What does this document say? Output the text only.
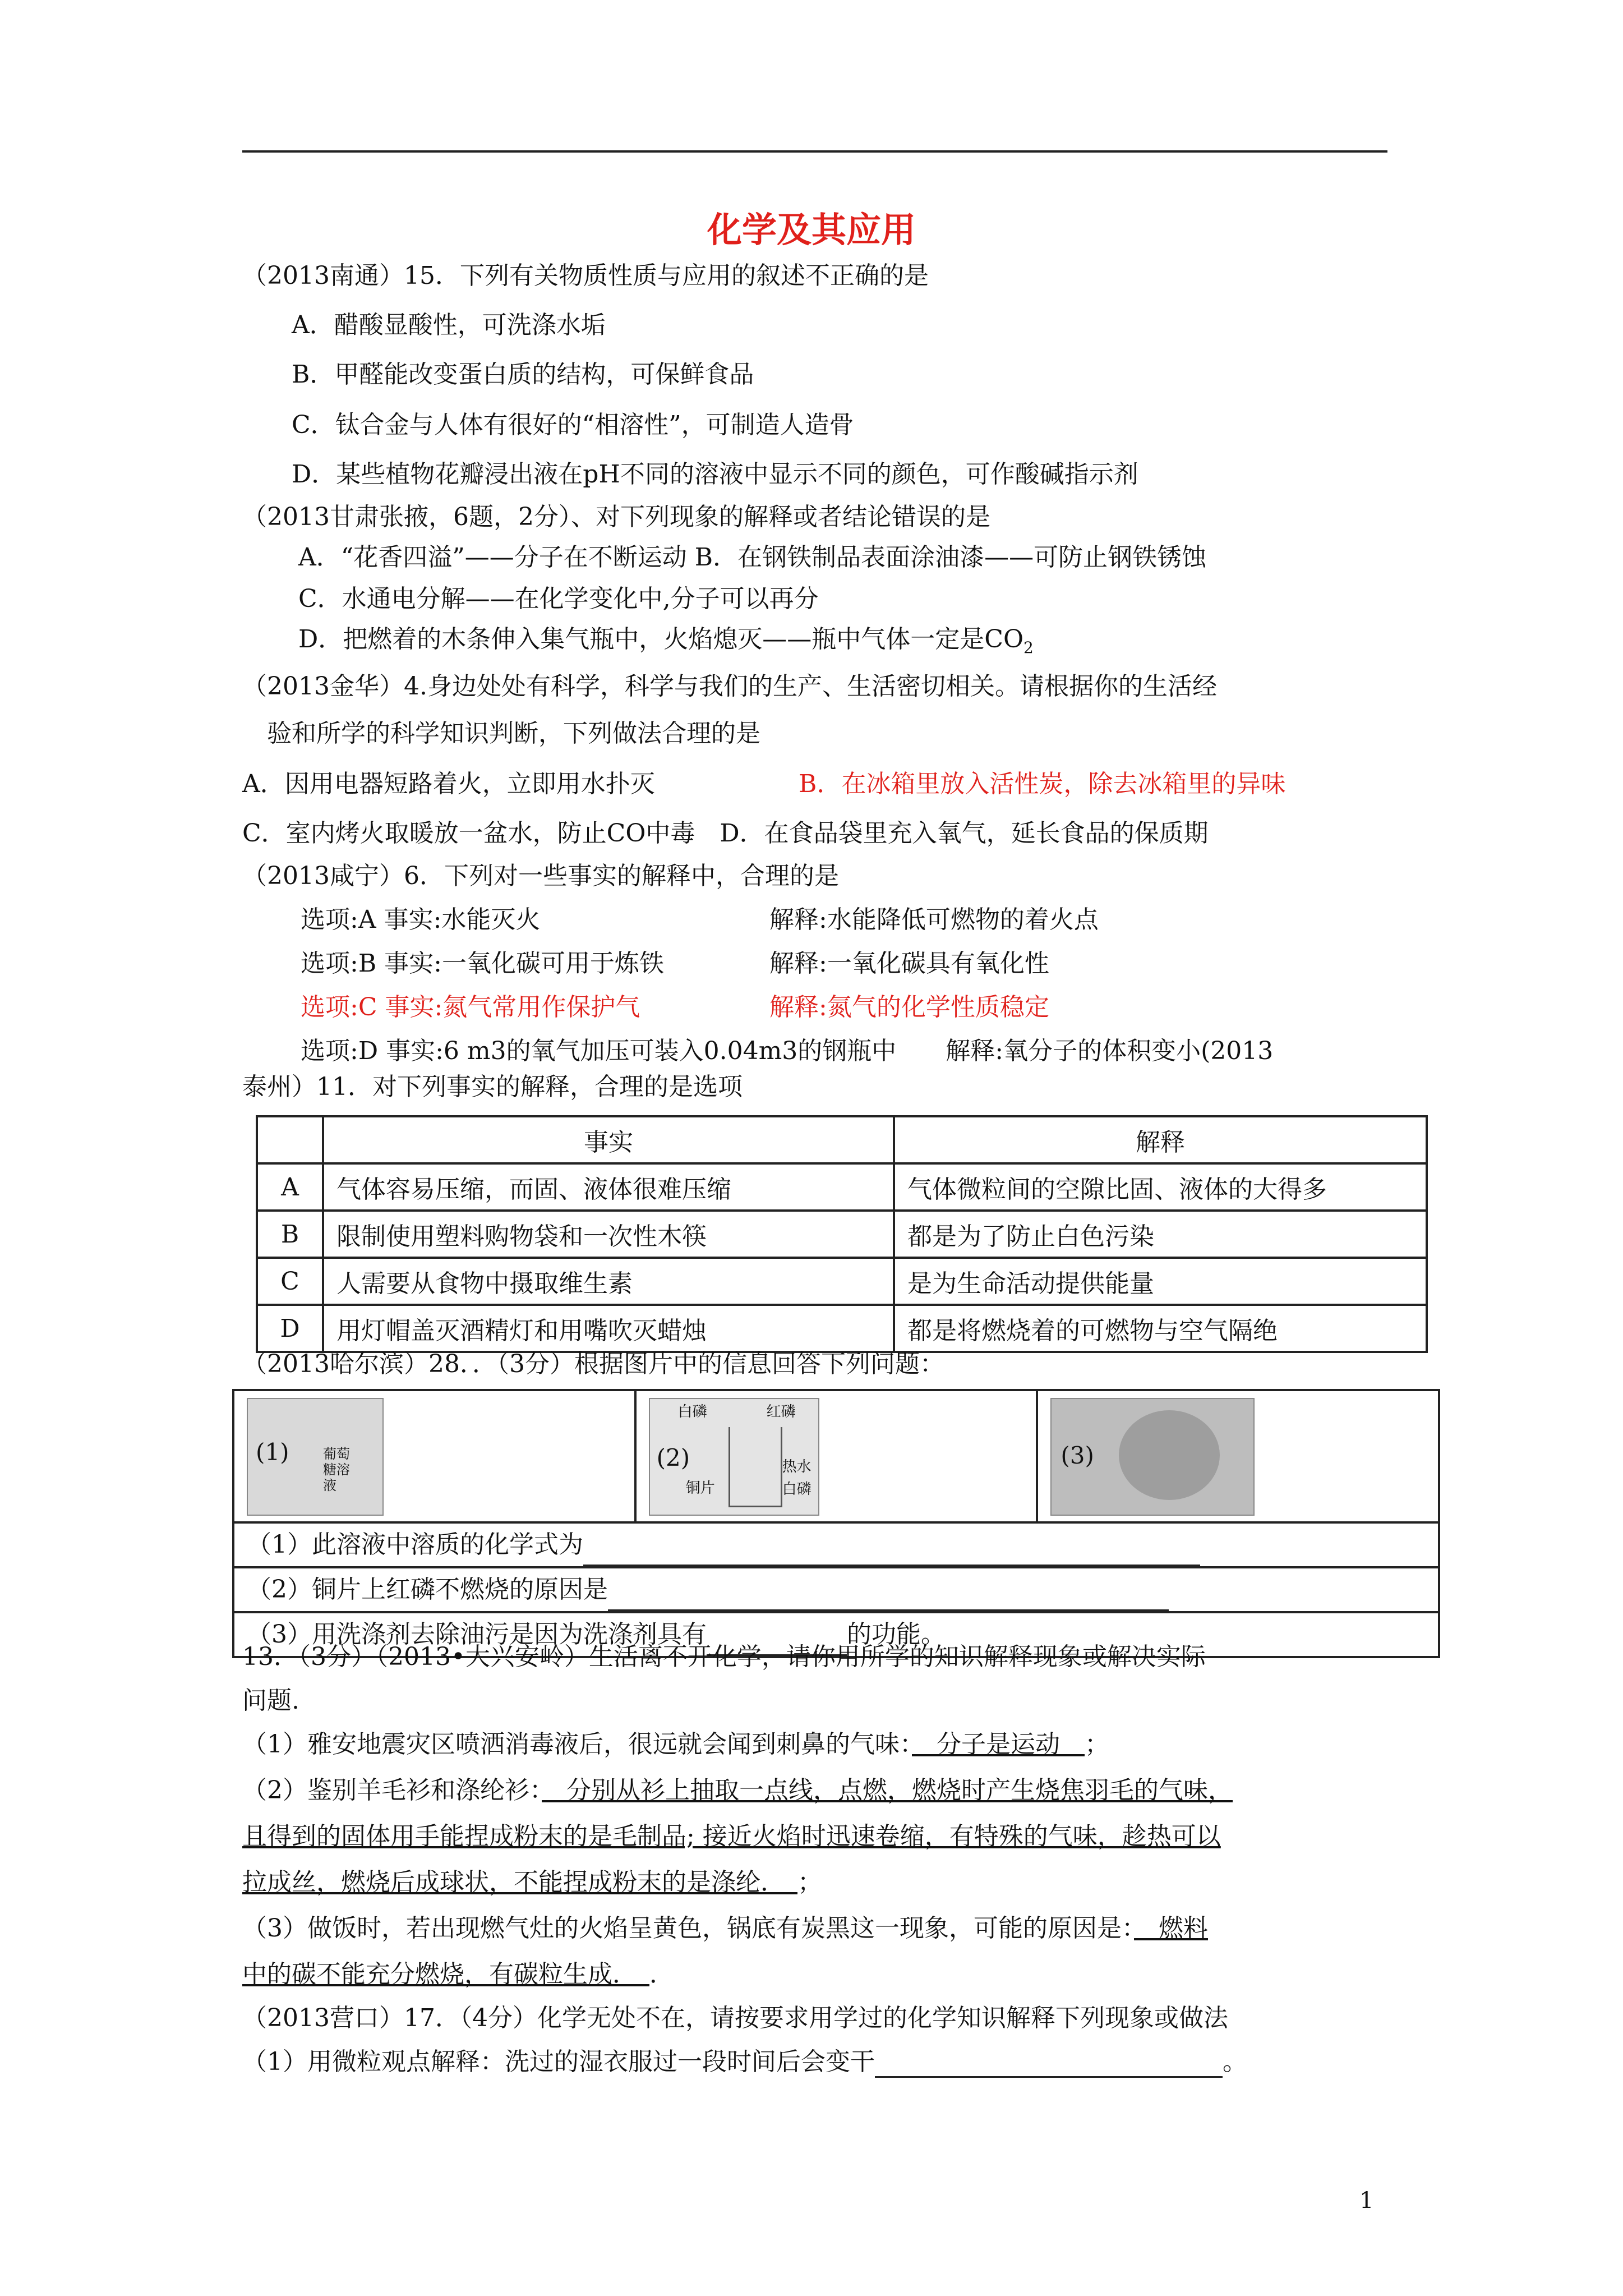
化学及其应用
（2013南通）15．下列有关物质性质与应用的叙述不正确的是
A．醋酸显酸性，可洗涤水垢
B．甲醛能改变蛋白质的结构，可保鲜食品
C．钛合金与人体有很好的“相溶性”，可制造人造骨
D．某些植物花瓣浸出液在pH不同的溶液中显示不同的颜色，可作酸碱指示剂
（2013甘肃张掖，6题，2分）、对下列现象的解释或者结论错误的是
A．“花香四溢”——分子在不断运动 B．在钢铁制品表面涂油漆——可防止钢铁锈蚀
C．水通电分解——在化学变化中,分子可以再分
D．把燃着的木条伸入集气瓶中，火焰熄灭——瓶中气体一定是$CO_2$
（2013金华）4.身边处处有科学，科学与我们的生产、生活密切相关。请根据你的生活经
验和所学的科学知识判断，下列做法合理的是
A．因用电器短路着火，立即用水扑灭	B．在冰箱里放入活性炭，除去冰箱里的异味
C．室内烤火取暖放一盆水，防止CO中毒　D．在食品袋里充入氧气，延长食品的保质期
（2013咸宁）6．下列对一些事实的解释中，合理的是
选项:A 事实:水能灭火	解释:水能降低可燃物的着火点
选项:B 事实:一氧化碳可用于炼铁	解释:一氧化碳具有氧化性
选项:C 事实:氮气常用作保护气	解释:氮气的化学性质稳定
选项:D 事实:6 m3的氧气加压可装入0.04m3的钢瓶中　　解释:氧分子的体积变小(2013
泰州）11．对下列事实的解释，合理的是选项
	事实	解释
A	气体容易压缩，而固、液体很难压缩	气体微粒间的空隙比固、液体的大得多
B	限制使用塑料购物袋和一次性木筷	都是为了防止白色污染
C	人需要从食物中摄取维生素	是为生命活动提供能量
D	用灯帽盖灭酒精灯和用嘴吹灭蜡烛	都是将燃烧着的可燃物与空气隔绝
（2013哈尔滨）28．．（3分）根据图片中的信息回答下列问题：
(1)	葡萄糖溶液
(2)
白磷	红磷
铜片
热水
白磷
(3)
（1）此溶液中溶质的化学式为
（2）铜片上红磷不燃烧的原因是
（3）用洗涤剂去除油污是因为洗涤剂具有	的功能。
13．（3分）（2013•大兴安岭）生活离不开化学，请你用所学的知识解释现象或解决实际
问题.
（1）雅安地震灾区喷洒消毒液后，很远就会闻到刺鼻的气味：　分子是运动　；
（2）鉴别羊毛衫和涤纶衫：　分别从衫上抽取一点线，点燃，燃烧时产生烧焦羽毛的气味，
且得到的固体用手能捏成粉末的是毛制品; 接近火焰时迅速卷缩，有特殊的气味，趁热可以
拉成丝，燃烧后成球状，不能捏成粉末的是涤纶．　；
（3）做饭时，若出现燃气灶的火焰呈黄色，锅底有炭黑这一现象，可能的原因是：　燃料
中的碳不能充分燃烧，有碳粒生成．　．
（2013营口）17．（4分）化学无处不在，请按要求用学过的化学知识解释下列现象或做法
（1）用微粒观点解释：洗过的湿衣服过一段时间后会变干	。
1
